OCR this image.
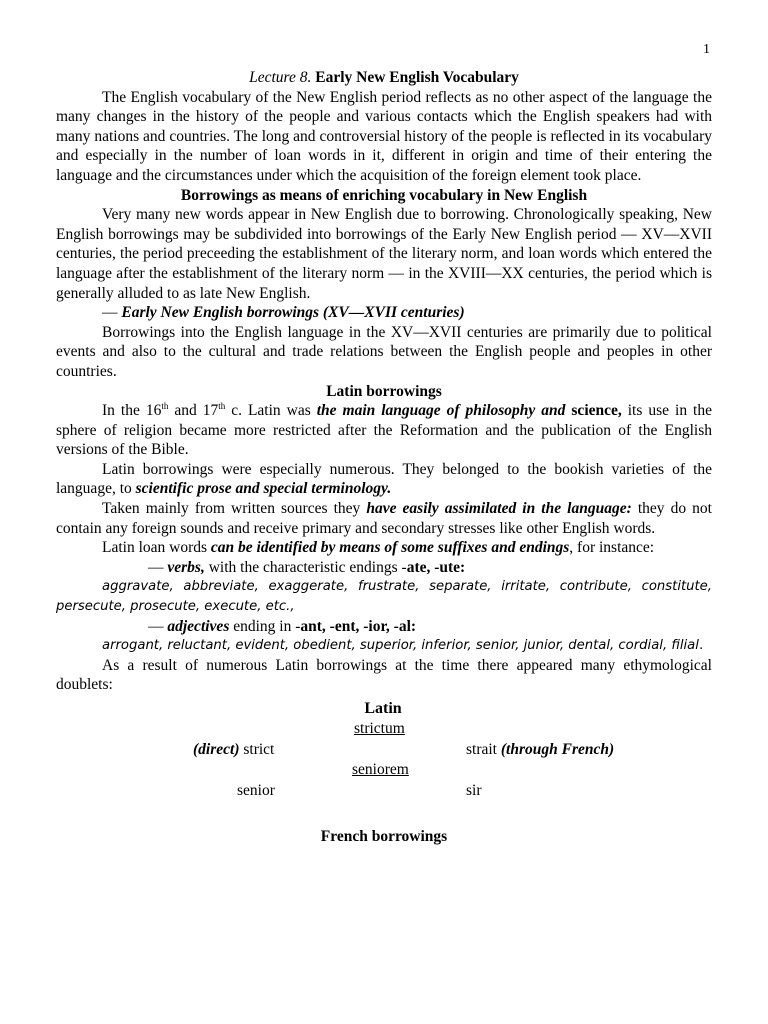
1

Lecture 8. Early New English Vocabulary

The English vocabulary of the New English period reflects as no other aspect of the language the many changes in the history of the people and various contacts which the English speakers had with many nations and countries. The long and controversial history of the people is reflected in its vocabulary and especially in the number of loan words in it, different in origin and time of their entering the language and the circumstances under which the acquisition of the foreign element took place.

Borrowings as means of enriching vocabulary in New English

Very many new words appear in New English due to borrowing. Chronologically speaking, New English borrowings may be subdivided into borrowings of the Early New English period — XV—XVII centuries, the period preceeding the establishment of the literary norm, and loan words which entered the language after the establishment of the literary norm — in the XVIII—XX centuries, the period which is generally alluded to as late New English.

— Early New English borrowings (XV—XVII centuries)

Borrowings into the English language in the XV—XVII centuries are primarily due to political events and also to the cultural and trade relations between the English people and peoples in other countries.

Latin borrowings

In the 16th and 17th c. Latin was the main language of philosophy and science, its use in the sphere of religion became more restricted after the Reformation and the publication of the English versions of the Bible.

Latin borrowings were especially numerous. They belonged to the bookish varieties of the language, to scientific prose and special terminology.

Taken mainly from written sources they have easily assimilated in the language: they do not contain any foreign sounds and receive primary and secondary stresses like other English words.

Latin loan words can be identified by means of some suffixes and endings, for instance:

— verbs, with the characteristic endings -ate, -ute:

aggravate, abbreviate, exaggerate, frustrate, separate, irritate, contribute, constitute, persecute, prosecute, execute, etc.,

— adjectives ending in -ant, -ent, -ior, -al:

arrogant, reluctant, evident, obedient, superior, inferior, senior, junior, dental, cordial, filial.

As a result of numerous Latin borrowings at the time there appeared many ethymological doublets:

Latin
strictum
(direct) strict	strait (through French)
seniorem
senior	sir

French borrowings
